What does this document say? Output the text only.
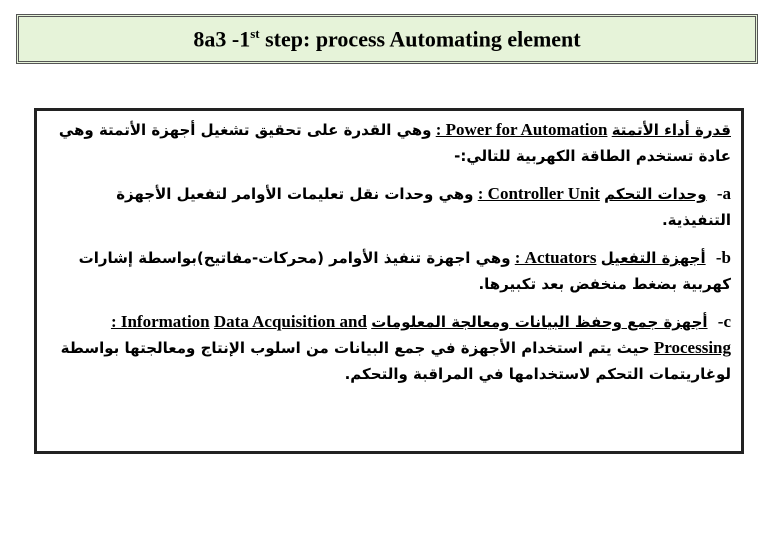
8a3 -1st step: process Automating element

قدرة أداء الأتمتة : Power for Automation وهي القدرة على تحقيق تشغيل أجهزة الأتمتة وهي عادة تستخدم الطاقة الكهربية للتالي:-

-a وحدات التحكم : Controller Unit وهي وحدات نقل تعليمات الأوامر لتفعيل الأجهزة التنفيذية.

-b أجهزة التفعيل : Actuators وهي اجهزة تنفيذ الأوامر (محركات-مفاتيح)بواسطة إشارات كهربية بضغط منخفض بعد تكبيرها.

-c أجهزة جمع وحفظ البيانات ومعالجة المعلومات Data Acquisition and : Information Processing حيث يتم استخدام الأجهزة في جمع البيانات من اسلوب الإنتاج ومعالجتها بواسطة لوغاريتمات التحكم لاستخدامها في المراقبة والتحكم.
